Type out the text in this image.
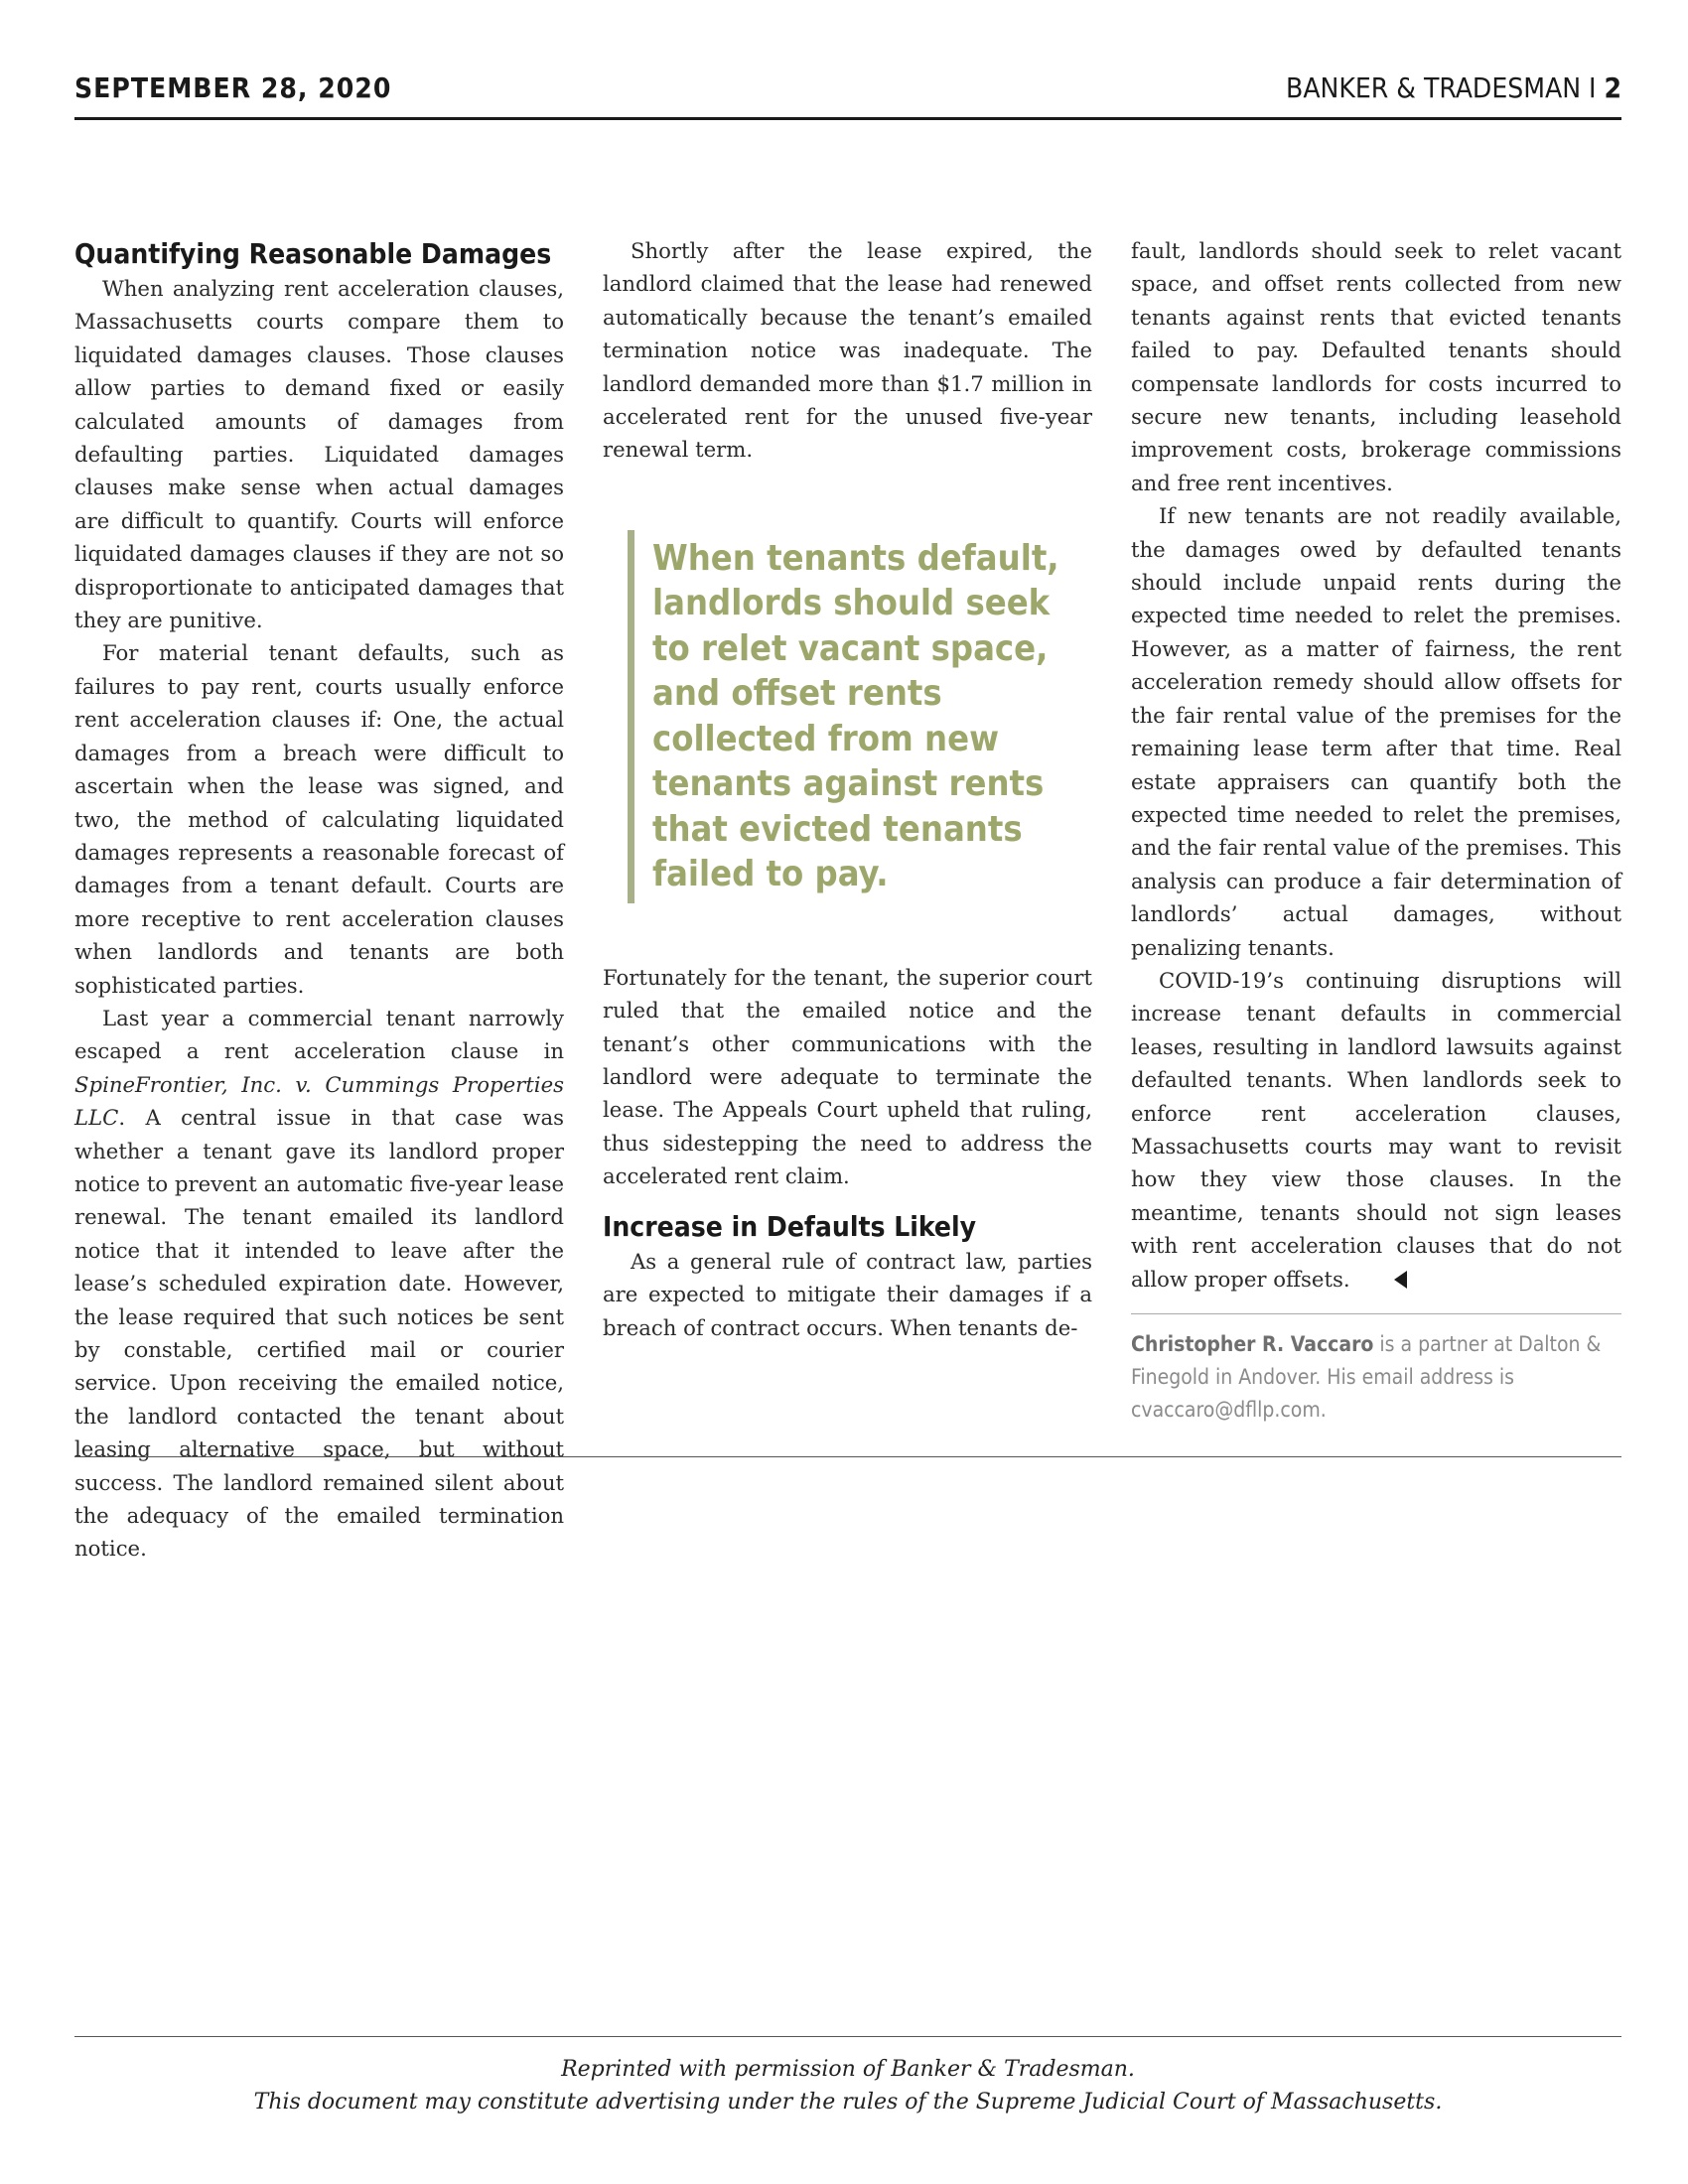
SEPTEMBER 28, 2020	BANKER & TRADESMAN I 2
Quantifying Reasonable Damages

When analyzing rent acceleration clauses, Massachusetts courts compare them to liquidated damages clauses. Those clauses allow parties to demand fixed or easily calculated amounts of damages from defaulting parties. Liquidated damages clauses make sense when actual damages are difficult to quantify. Courts will enforce liquidated damages clauses if they are not so disproportionate to anticipated damages that they are punitive.

For material tenant defaults, such as failures to pay rent, courts usually enforce rent acceleration clauses if: One, the actual damages from a breach were difficult to ascertain when the lease was signed, and two, the method of calculating liquidated damages represents a reasonable forecast of damages from a tenant default. Courts are more receptive to rent acceleration clauses when landlords and tenants are both sophisticated parties.

Last year a commercial tenant narrowly escaped a rent acceleration clause in SpineFrontier, Inc. v. Cummings Properties LLC. A central issue in that case was whether a tenant gave its landlord proper notice to prevent an automatic five-year lease renewal. The tenant emailed its landlord notice that it intended to leave after the lease’s scheduled expiration date. However, the lease required that such notices be sent by constable, certified mail or courier service. Upon receiving the emailed notice, the landlord contacted the tenant about leasing alternative space, but without success. The landlord remained silent about the adequacy of the emailed termination notice.

Shortly after the lease expired, the landlord claimed that the lease had renewed automatically because the tenant’s emailed termination notice was inadequate. The landlord demanded more than $1.7 million in accelerated rent for the unused five-year renewal term.

When tenants default, landlords should seek to relet vacant space, and offset rents collected from new tenants against rents that evicted tenants failed to pay.

Fortunately for the tenant, the superior court ruled that the emailed notice and the tenant’s other communications with the landlord were adequate to terminate the lease. The Appeals Court upheld that ruling, thus sidestepping the need to address the accelerated rent claim.

Increase in Defaults Likely

As a general rule of contract law, parties are expected to mitigate their damages if a breach of contract occurs. When tenants de-

fault, landlords should seek to relet vacant space, and offset rents collected from new tenants against rents that evicted tenants failed to pay. Defaulted tenants should compensate landlords for costs incurred to secure new tenants, including leasehold improvement costs, brokerage commissions and free rent incentives.

If new tenants are not readily available, the damages owed by defaulted tenants should include unpaid rents during the expected time needed to relet the premises. However, as a matter of fairness, the rent acceleration remedy should allow offsets for the fair rental value of the premises for the remaining lease term after that time. Real estate appraisers can quantify both the expected time needed to relet the premises, and the fair rental value of the premises. This analysis can produce a fair determination of landlords’ actual damages, without penalizing tenants.

COVID-19’s continuing disruptions will increase tenant defaults in commercial leases, resulting in landlord lawsuits against defaulted tenants. When landlords seek to enforce rent acceleration clauses, Massachusetts courts may want to revisit how they view those clauses. In the meantime, tenants should not sign leases with rent acceleration clauses that do not allow proper offsets.

Christopher R. Vaccaro is a partner at Dalton & Finegold in Andover. His email address is cvaccaro@dfllp.com.
Reprinted with permission of Banker & Tradesman.
This document may constitute advertising under the rules of the Supreme Judicial Court of Massachusetts.
